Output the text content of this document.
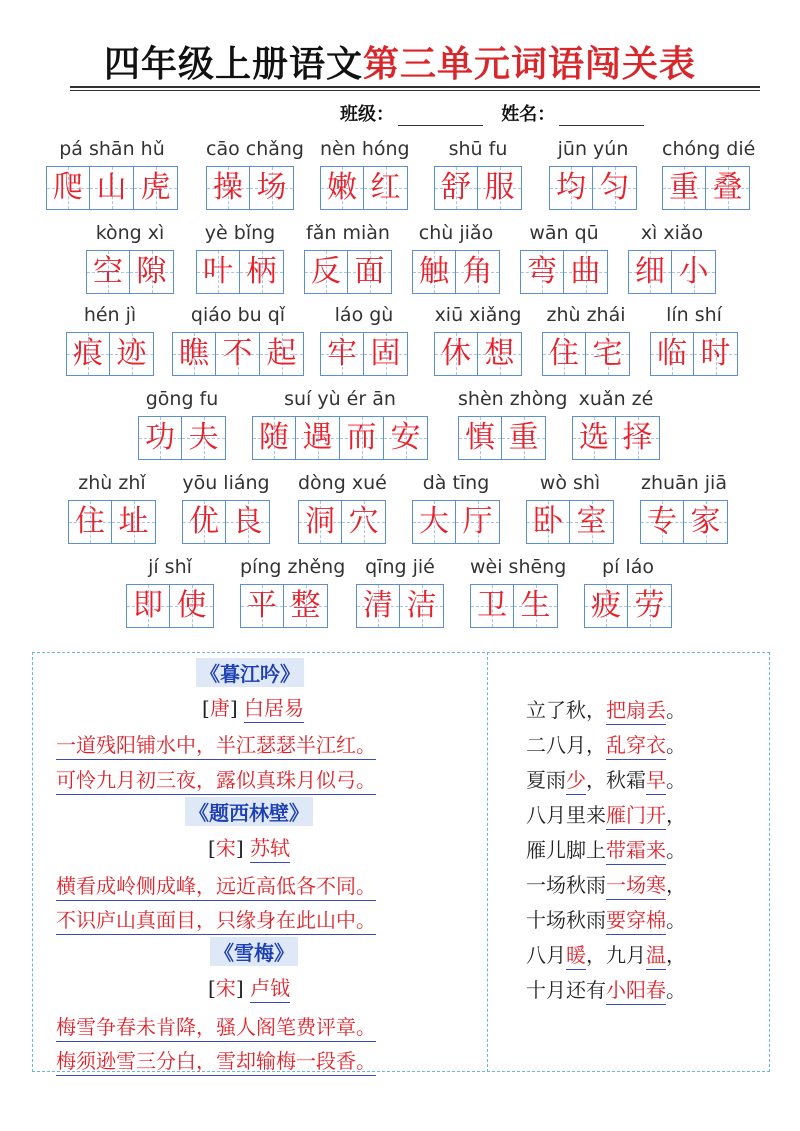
四年级上册语文第三单元词语闯关表
班级：	姓名：
pá shān hǔ
爬 山 虎
cāo chǎng
操 场
nèn hóng
嫩 红
shū fu
舒 服
jūn yún
均 匀
chóng dié
重 叠
kòng xì
空 隙
yè bǐng
叶 柄
fǎn miàn
反 面
chù jiǎo
触 角
wān qū
弯 曲
xì xiǎo
细 小
hén jì
痕 迹
qiáo bu qǐ
瞧 不 起
láo gù
牢 固
xiū xiǎng
休 想
zhù zhái
住 宅
lín shí
临 时
gōng fu
功 夫
suí yù ér ān
随 遇 而 安
shèn zhòng
慎 重
xuǎn zé
选 择
zhù zhǐ
住 址
yōu liáng
优 良
dòng xué
洞 穴
dà tīng
大 厅
wò shì
卧 室
zhuān jiā
专 家
jí shǐ
即 使
píng zhěng
平 整
qīng jié
清 洁
wèi shēng
卫 生
pí láo
疲 劳
《暮江吟》
[唐] 白居易
一道残阳铺水中，半江瑟瑟半江红。
可怜九月初三夜，露似真珠月似弓。
《题西林壁》
[宋] 苏轼
横看成岭侧成峰，远近高低各不同。
不识庐山真面目，只缘身在此山中。
《雪梅》
[宋] 卢钺
梅雪争春未肯降，骚人阁笔费评章。
梅须逊雪三分白，雪却输梅一段香。
立了秋，把扇丢。
二八月，乱穿衣。
夏雨少，秋霜早。
八月里来雁门开，
雁儿脚上带霜来。
一场秋雨一场寒，
十场秋雨要穿棉。
八月暖，九月温，
十月还有小阳春。
